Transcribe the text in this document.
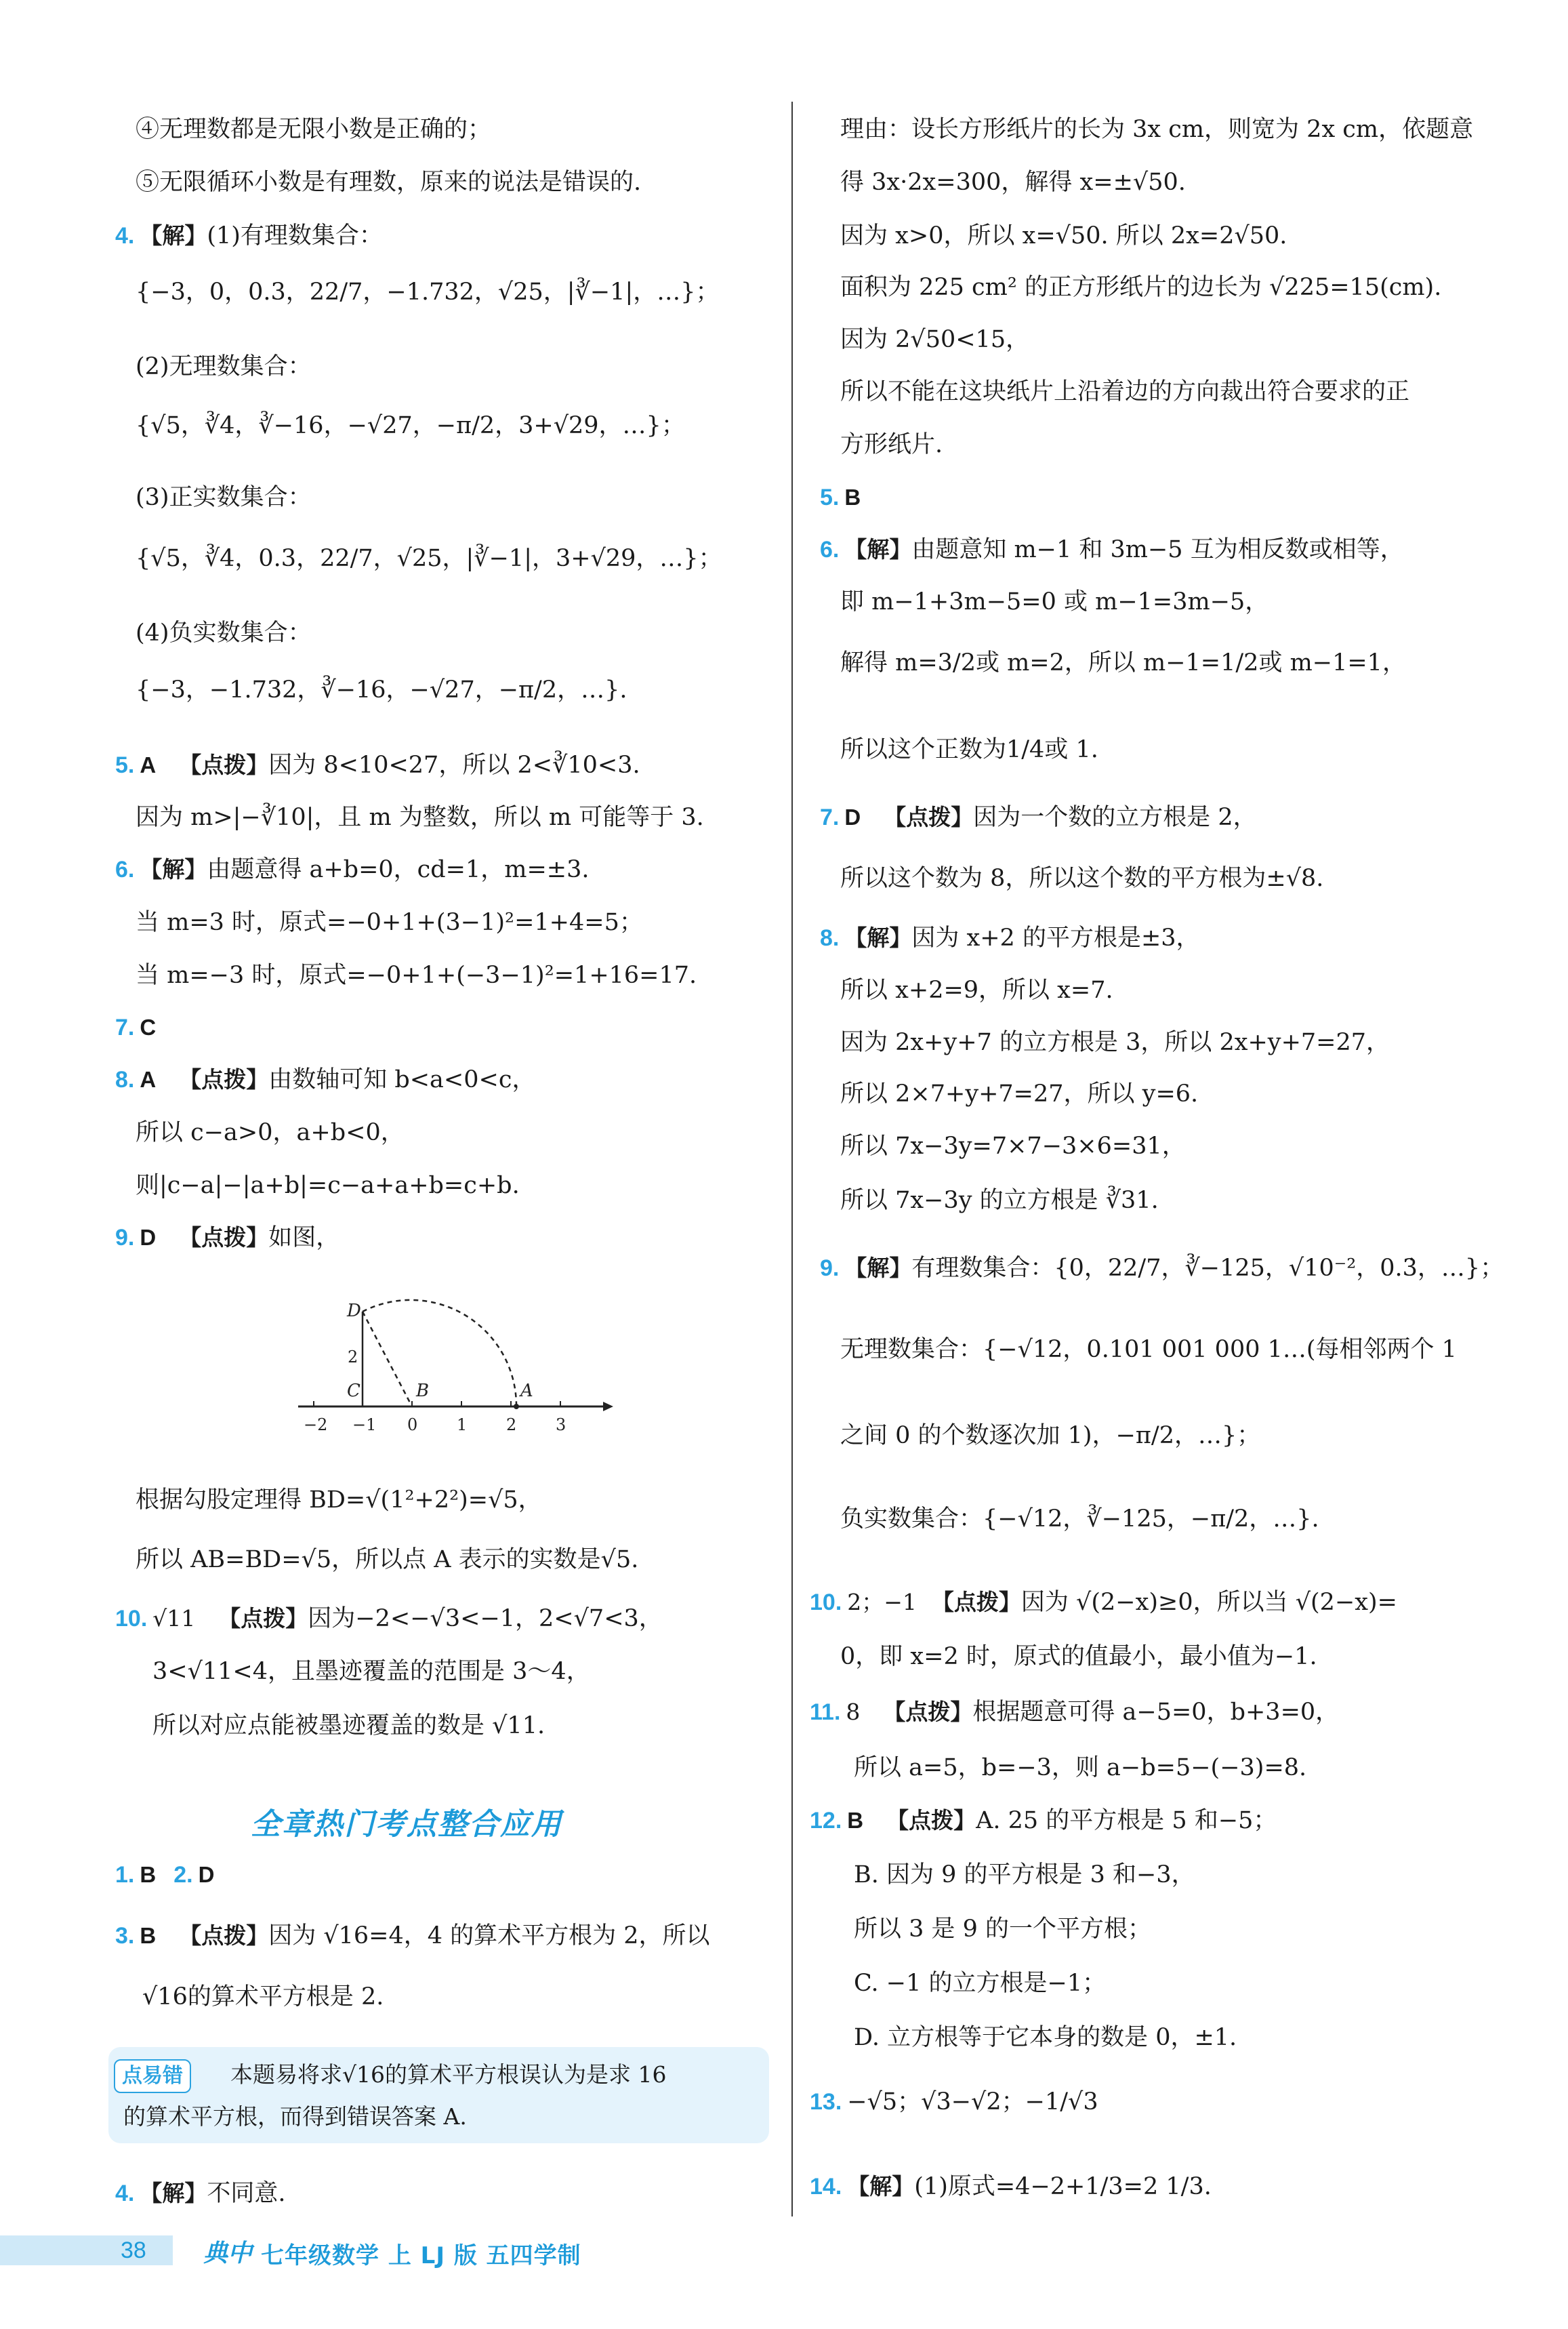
④无理数都是无限小数是正确的；
⑤无限循环小数是有理数，原来的说法是错误的.
4. 【解】(1)有理数集合：
{−3，0，0.3，22/7，−1.732，√25，|∛−1|，…}；
(2)无理数集合：
{√5，∛4，∛−16，−√27，−π/2，3+√29，…}；
(3)正实数集合：
{√5，∛4，0.3，22/7，√25，|∛−1|，3+√29，…}；
(4)负实数集合：
{−3，−1.732，∛−16，−√27，−π/2，…}.
5. A 【点拨】因为 8<10<27，所以 2<∛10<3.
因为 m>|−∛10|，且 m 为整数，所以 m 可能等于 3.
6. 【解】由题意得 a+b=0，cd=1，m=±3.
当 m=3 时，原式=−0+1+(3−1)²=1+4=5；
当 m=−3 时，原式=−0+1+(−3−1)²=1+16=17.
7. C
8. A 【点拨】由数轴可知 b<a<0<c，
所以 c−a>0，a+b<0，
则|c−a|−|a+b|=c−a+a+b=c+b.
9. D 【点拨】如图，
根据勾股定理得 BD=√(1²+2²)=√5，
所以 AB=BD=√5，所以点 A 表示的实数是√5.
10. √11 【点拨】因为−2<−√3<−1，2<√7<3，
3<√11<4，且墨迹覆盖的范围是 3～4，
所以对应点能被墨迹覆盖的数是 √11.
1. B 2. D
3. B 【点拨】因为 √16=4，4 的算术平方根为 2，所以
√16的算术平方根是 2.
4. 【解】不同意.
D
C	B	A
2
−2 −1 0 1 2 3
全章热门考点整合应用
点易错	本题易将求√16的算术平方根误认为是求 16
的算术平方根，而得到错误答案 A.
理由：设长方形纸片的长为 3x cm，则宽为 2x cm，依题意
得 3x·2x=300，解得 x=±√50.
因为 x>0，所以 x=√50. 所以 2x=2√50.
面积为 225 cm² 的正方形纸片的边长为 √225=15(cm).
因为 2√50<15，
所以不能在这块纸片上沿着边的方向裁出符合要求的正
方形纸片.
5. B
6. 【解】由题意知 m−1 和 3m−5 互为相反数或相等，
即 m−1+3m−5=0 或 m−1=3m−5，
解得 m=3/2或 m=2，所以 m−1=1/2或 m−1=1，
所以这个正数为1/4或 1.
7. D 【点拨】因为一个数的立方根是 2，
所以这个数为 8，所以这个数的平方根为±√8.
8. 【解】因为 x+2 的平方根是±3，
所以 x+2=9，所以 x=7.
因为 2x+y+7 的立方根是 3，所以 2x+y+7=27，
所以 2×7+y+7=27，所以 y=6.
所以 7x−3y=7×7−3×6=31，
所以 7x−3y 的立方根是 ∛31.
9. 【解】有理数集合：{0，22/7，∛−125，√10⁻²，0.3̇，…}；
无理数集合：{−√12，0.101 001 000 1…(每相邻两个 1
之间 0 的个数逐次加 1)，−π/2，…}；
负实数集合：{−√12，∛−125，−π/2，…}.
10. 2；−1 【点拨】因为 √(2−x)≥0，所以当 √(2−x)=
0，即 x=2 时，原式的值最小，最小值为−1.
11. 8 【点拨】根据题意可得 a−5=0，b+3=0，
所以 a=5，b=−3，则 a−b=5−(−3)=8.
12. B 【点拨】A. 25 的平方根是 5 和−5；
B. 因为 9 的平方根是 3 和−3，
所以 3 是 9 的一个平方根；
C. −1 的立方根是−1；
D. 立方根等于它本身的数是 0，±1.
13. −√5；√3−√2；−1/√3
14. 【解】(1)原式=4−2+1/3=2 1/3.
38 典中 七年级数学 上 LJ 版 五四学制
